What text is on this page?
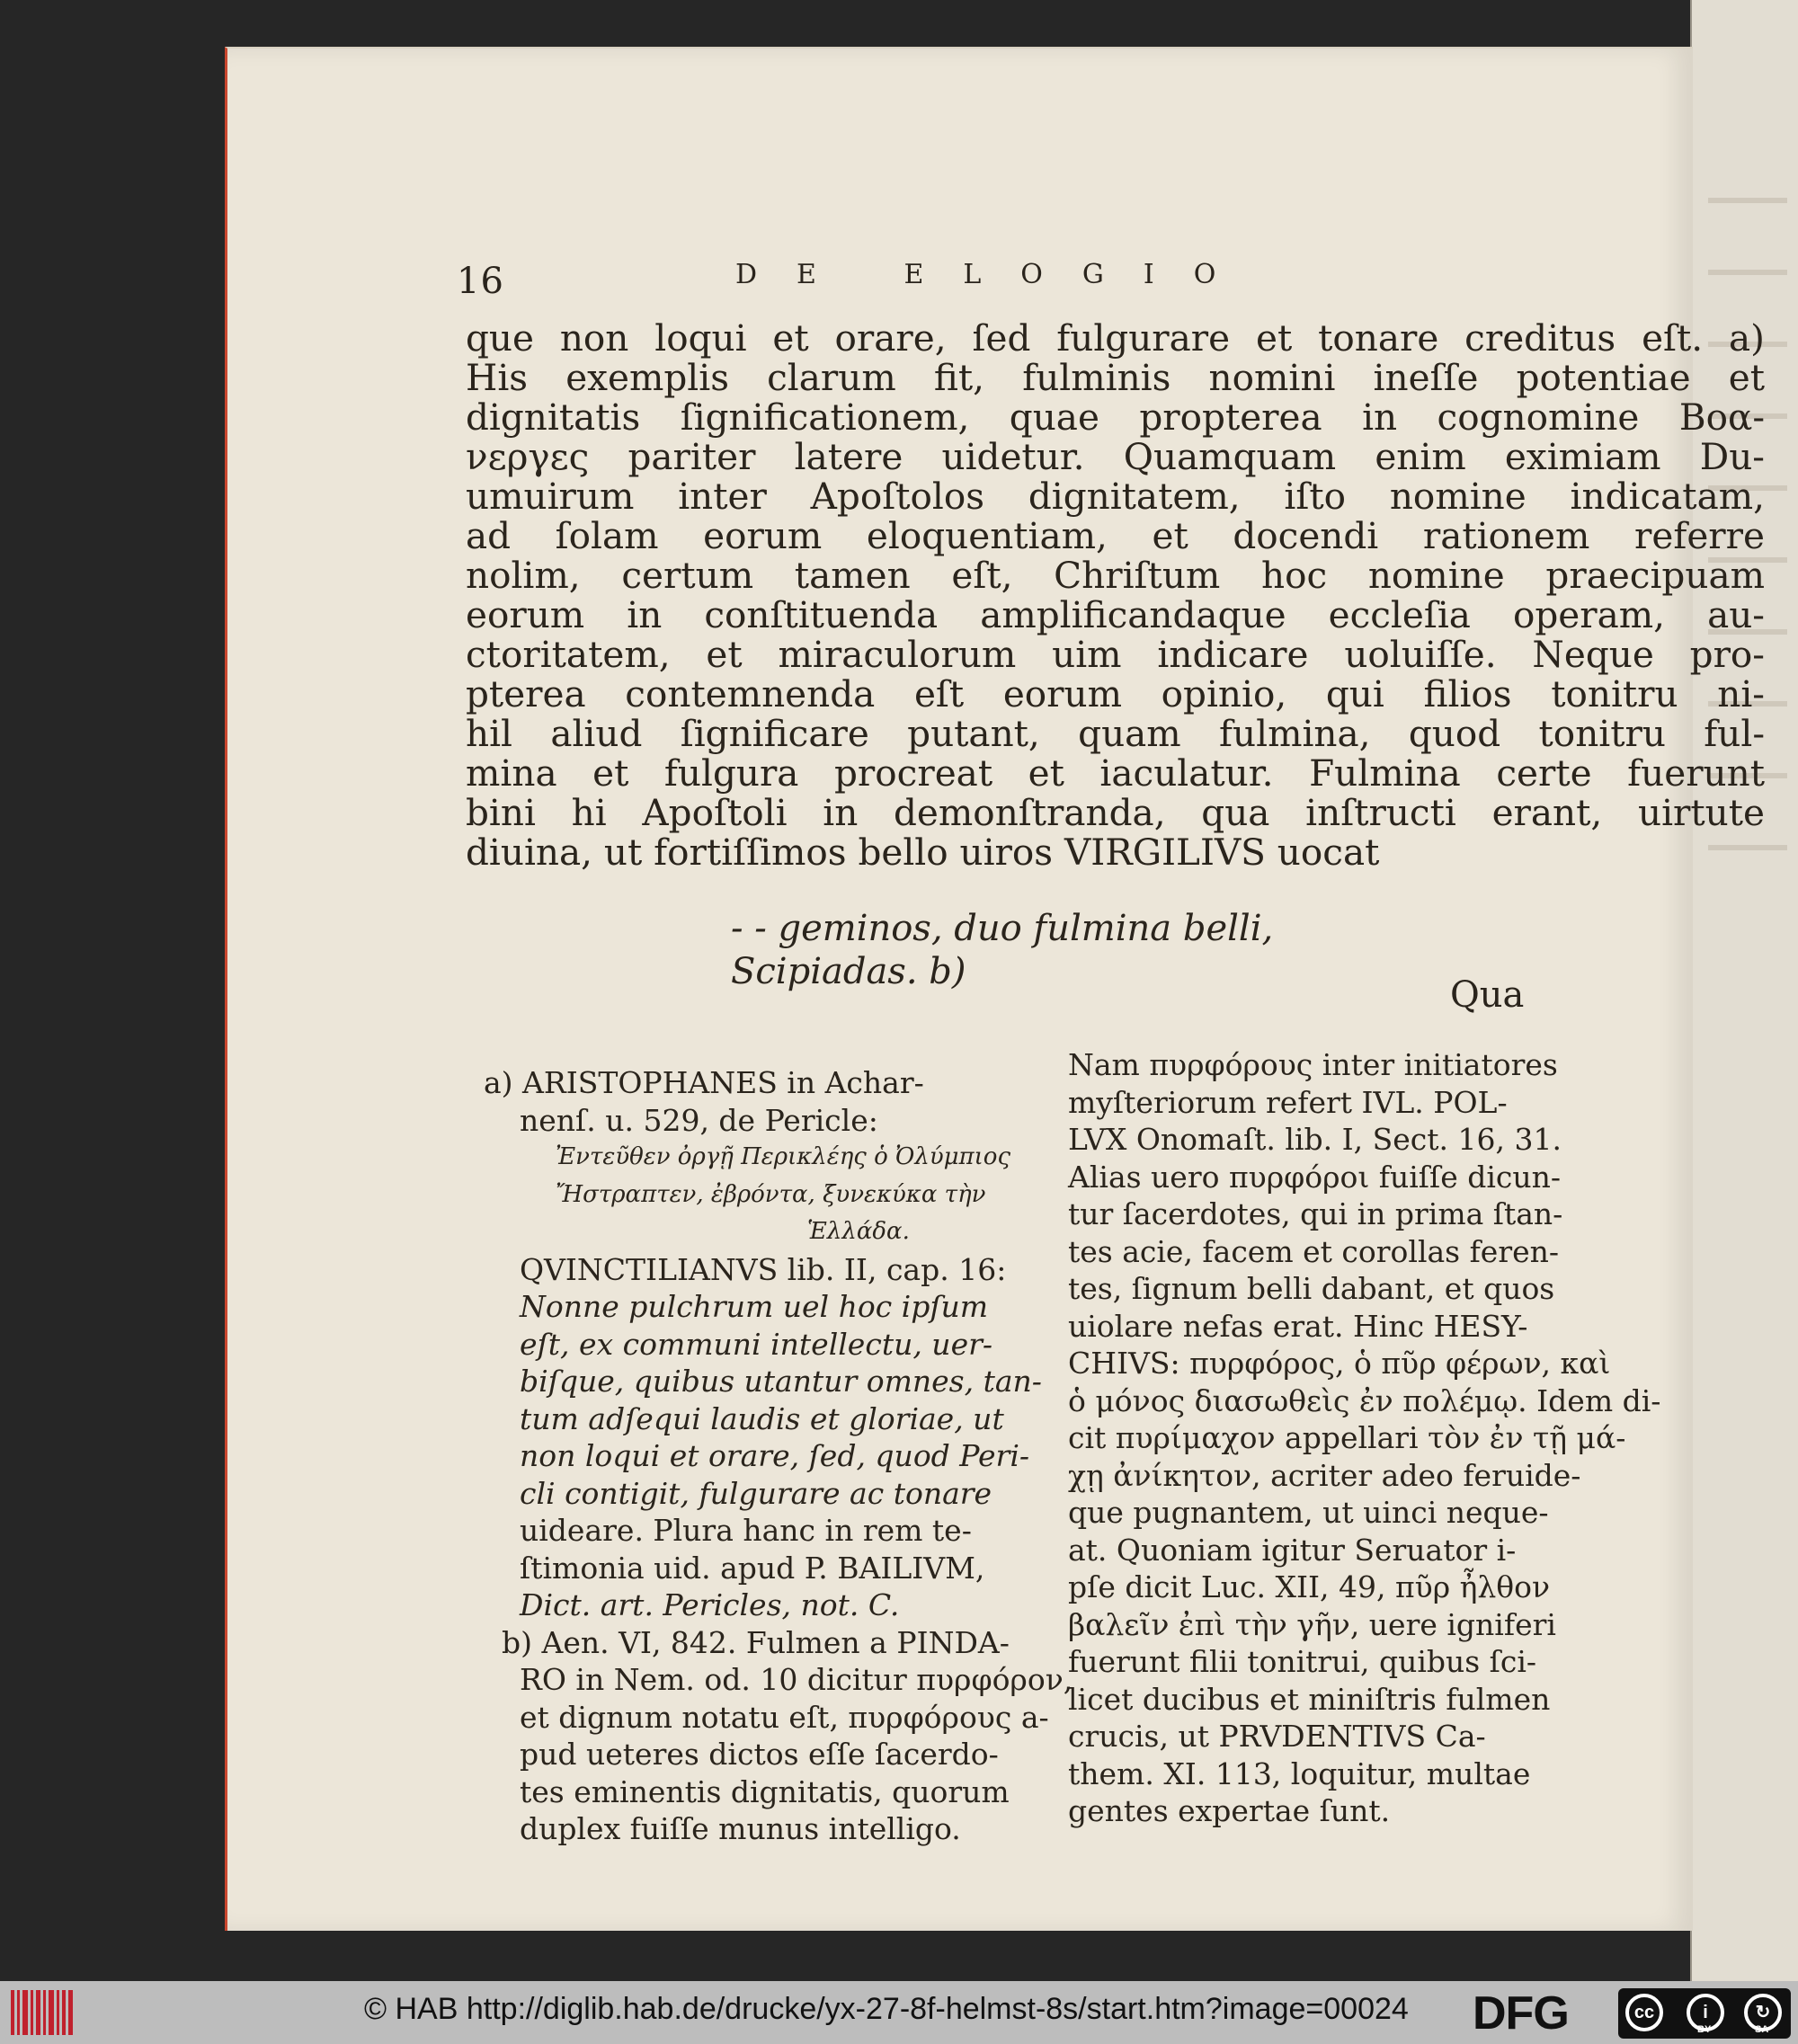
16	DE ELOGIO

que non loqui et orare, ſed fulgurare et tonare creditus eſt. a)

His exemplis clarum fit, fulminis nomini ineſſe potentiae et

dignitatis ſignificationem, quae propterea in cognomine Βοα-

νεργες pariter latere uidetur. Quamquam enim eximiam Du-

umuirum inter Apoſtolos dignitatem, iſto nomine indicatam,

ad ſolam eorum eloquentiam, et docendi rationem referre

nolim, certum tamen eſt, Chriſtum hoc nomine praecipuam

eorum in conſtituenda amplificandaque eccleſia operam, au-

ctoritatem, et miraculorum uim indicare uoluiſſe. Neque pro-

pterea contemnenda eſt eorum opinio, qui filios tonitru ni-

hil aliud ſignificare putant, quam fulmina, quod tonitru ful-

mina et fulgura procreat et iaculatur. Fulmina certe fuerunt

bini hi Apoſtoli in demonſtranda, qua inſtructi erant, uirtute

diuina, ut fortiſſimos bello uiros VIRGILIVS uocat

- - geminos, duo fulmina belli,

Scipiadas. b)

Qua

a) ARISTOPHANES in Achar-

nenſ. u. 529, de Pericle:

Ἐντεῦθεν ὀργῇ Περικλέης ὁ Ὀλύμπιος

Ἤστραπτεν, ἐβρόντα, ξυνεκύκα τὴν

Ἑλλάδα.

QVINCTILIANVS lib. II, cap. 16:

Nonne pulchrum uel hoc ipſum

eſt, ex communi intellectu, uer-

biſque, quibus utantur omnes, tan-

tum adſequi laudis et gloriae, ut

non loqui et orare, ſed, quod Peri-

cli contigit, fulgurare ac tonare

uideare. Plura hanc in rem te-

ſtimonia uid. apud P. BAILIVM,

Dict. art. Pericles, not. C.

b) Aen. VI, 842. Fulmen a PINDA-

RO in Nem. od. 10 dicitur πυρφόρον,

et dignum notatu eſt, πυρφόρους a-

pud ueteres dictos eſſe ſacerdo-

tes eminentis dignitatis, quorum

duplex fuiſſe munus intelligo.

Nam πυρφόρους inter initiatores

myſteriorum refert IVL. POL-

LVX Onomaſt. lib. I, Sect. 16, 31.

Alias uero πυρφόροι fuiſſe dicun-

tur ſacerdotes, qui in prima ſtan-

tes acie, facem et corollas feren-

tes, ſignum belli dabant, et quos

uiolare nefas erat. Hinc HESY-

CHIVS: πυρφόρος, ὁ πῦρ φέρων, καὶ

ὁ μόνος διασωθεὶς ἐν πολέμῳ. Idem di-

cit πυρίμαχον appellari τὸν ἐν τῇ μά-

χῃ ἀνίκητον, acriter adeo feruide-

que pugnantem, ut uinci neque-

at. Quoniam igitur Seruator i-

pſe dicit Luc. XII, 49, πῦρ ἦλθον

βαλεῖν ἐπὶ τὴν γῆν, uere igniferi

fuerunt filii tonitrui, quibus ſci-

licet ducibus et miniſtris fulmen

crucis, ut PRVDENTIVS Ca-

them. XI. 113, loquitur, multae

gentes expertae ſunt.

© HAB http://diglib.hab.de/drucke/yx-27-8f-helmst-8s/start.htm?image=00024 DFG	cc	i	↻
BY	SA
